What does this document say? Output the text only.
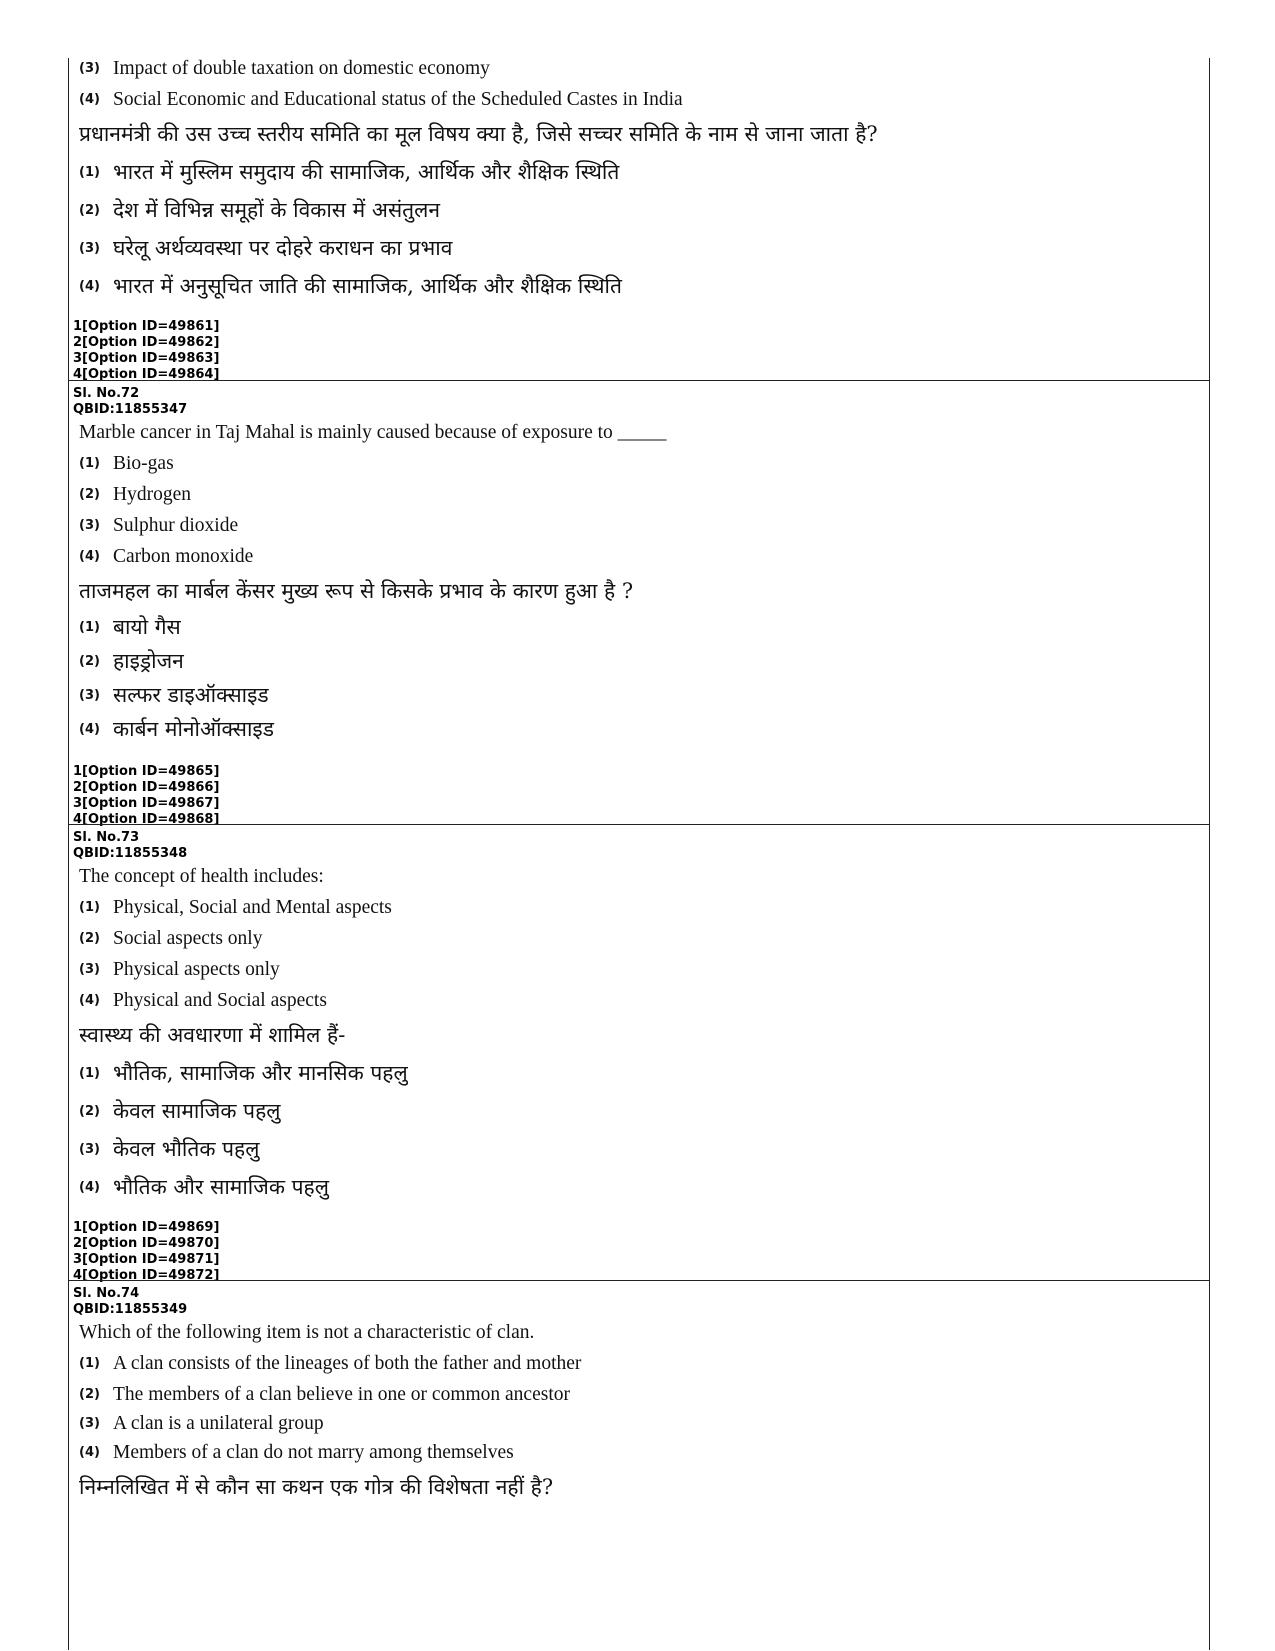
(3) Impact of double taxation on domestic economy
(4) Social Economic and Educational status of the Scheduled Castes in India
प्रधानमंत्री की उस उच्च स्तरीय समिति का मूल विषय क्या है, जिसे सच्चर समिति के नाम से जाना जाता है?
(1) भारत में मुस्लिम समुदाय की सामाजिक, आर्थिक और शैक्षिक स्थिति
(2) देश में विभिन्न समूहों के विकास में असंतुलन
(3) घरेलू अर्थव्यवस्था पर दोहरे कराधन का प्रभाव
(4) भारत में अनुसूचित जाति की सामाजिक, आर्थिक और शैक्षिक स्थिति
1[Option ID=49861]
2[Option ID=49862]
3[Option ID=49863]
4[Option ID=49864]
Sl. No.72
QBID:11855347
Marble cancer in Taj Mahal is mainly caused because of exposure to _____
(1) Bio-gas
(2) Hydrogen
(3) Sulphur dioxide
(4) Carbon monoxide
ताजमहल का मार्बल केंसर मुख्य रूप से किसके प्रभाव के कारण हुआ है ?
(1) बायो गैस
(2) हाइड्रोजन
(3) सल्फर डाइऑक्साइड
(4) कार्बन मोनोऑक्साइड
1[Option ID=49865]
2[Option ID=49866]
3[Option ID=49867]
4[Option ID=49868]
Sl. No.73
QBID:11855348
The concept of health includes:
(1) Physical, Social and Mental aspects
(2) Social aspects only
(3) Physical aspects only
(4) Physical and Social aspects
स्वास्थ्य की अवधारणा में शामिल हैं-
(1) भौतिक, सामाजिक और मानसिक पहलु
(2) केवल सामाजिक पहलु
(3) केवल भौतिक पहलु
(4) भौतिक और सामाजिक पहलु
1[Option ID=49869]
2[Option ID=49870]
3[Option ID=49871]
4[Option ID=49872]
Sl. No.74
QBID:11855349
Which of the following item is not a characteristic of clan.
(1) A clan consists of the lineages of both the father and mother
(2) The members of a clan believe in one or common ancestor
(3) A clan is a unilateral group
(4) Members of a clan do not marry among themselves
निम्नलिखित में से कौन सा कथन एक गोत्र की विशेषता नहीं है?
